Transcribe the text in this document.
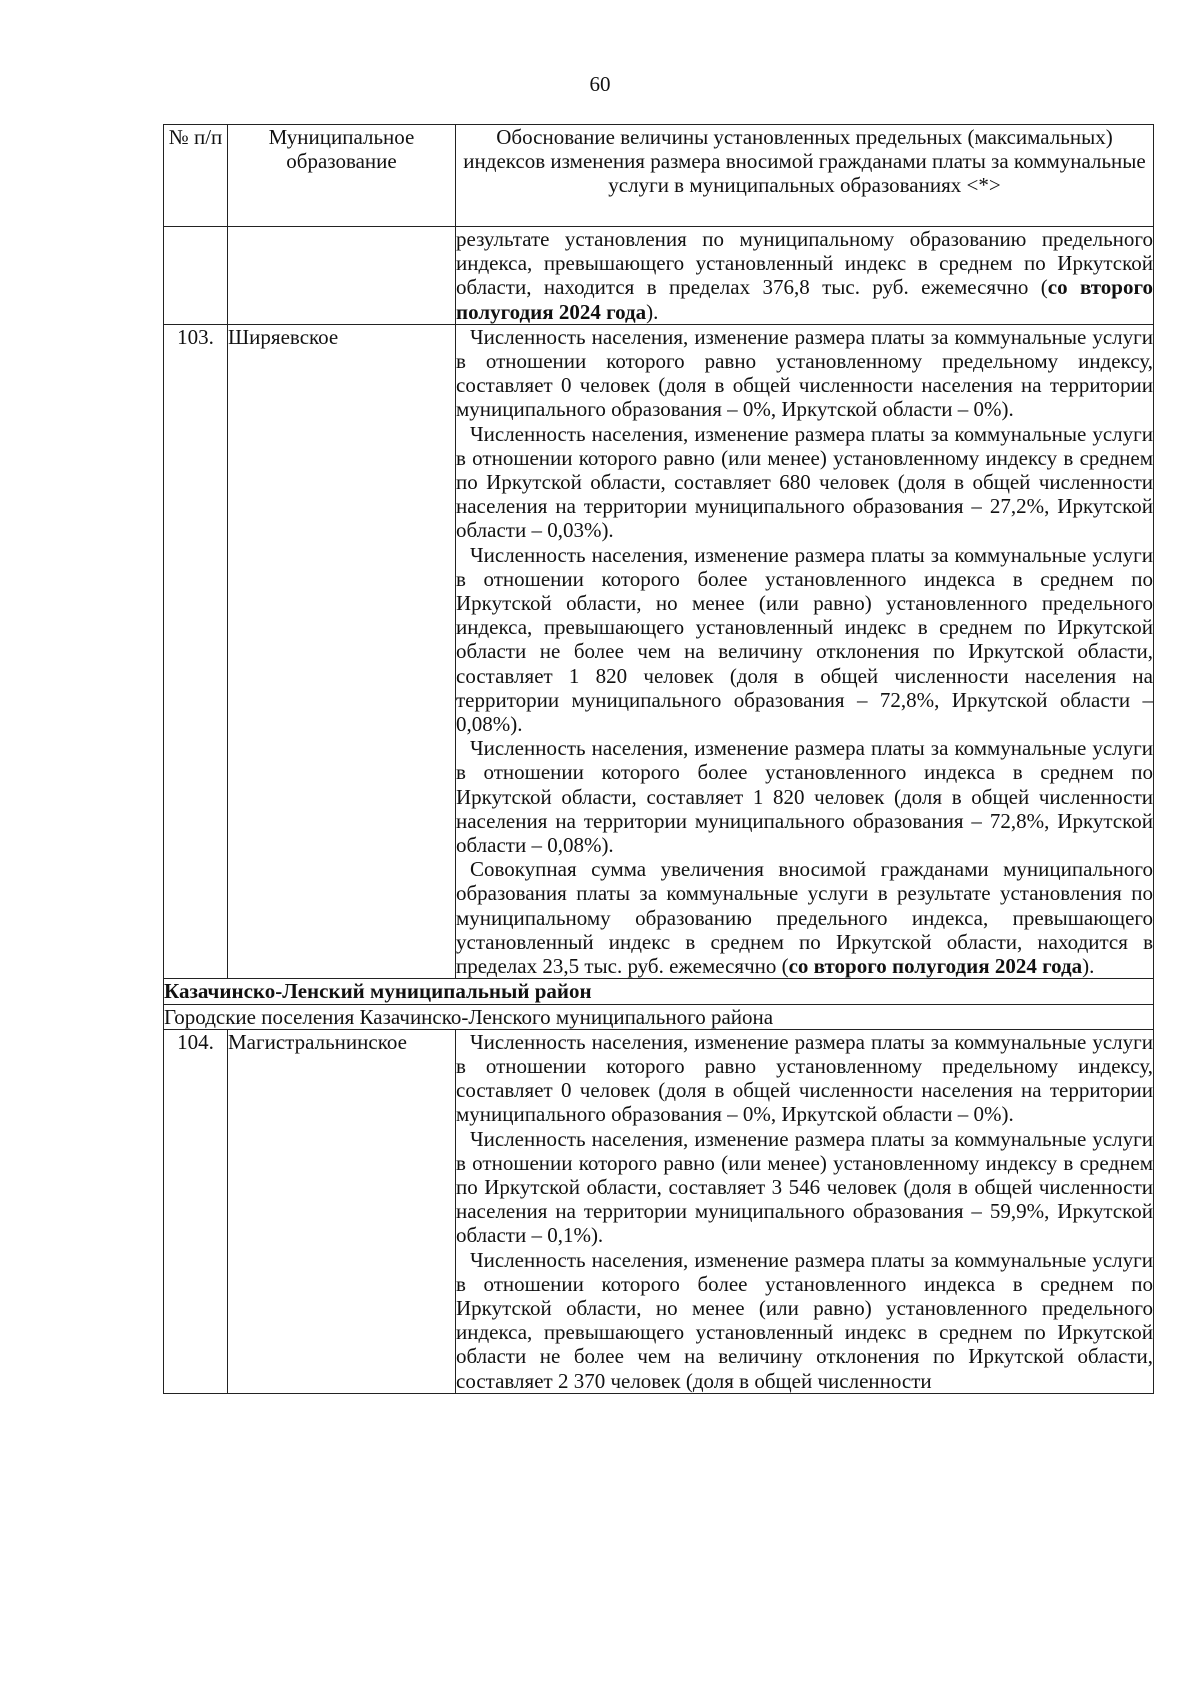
60
№ п/п	Муниципальное образование	Обоснование величины установленных предельных (максимальных) индексов изменения размера вносимой гражданами платы за коммунальные услуги в муниципальных образованиях <*>

		результате установления по муниципальному образованию предельного индекса, превышающего установленный индекс в среднем по Иркутской области, находится в пределах 376,8 тыс. руб. ежемесячно (со второго полугодия 2024 года).

103.	Ширяевское	Численность населения, изменение размера платы за коммунальные услуги в отношении которого равно установленному предельному индексу, составляет 0 человек (доля в общей численности населения на территории муниципального образования – 0%, Иркутской области – 0%).

Численность населения, изменение размера платы за коммунальные услуги в отношении которого равно (или менее) установленному индексу в среднем по Иркутской области, составляет 680 человек (доля в общей численности населения на территории муниципального образования – 27,2%, Иркутской области – 0,03%).

Численность населения, изменение размера платы за коммунальные услуги в отношении которого более установленного индекса в среднем по Иркутской области, но менее (или равно) установленного предельного индекса, превышающего установленный индекс в среднем по Иркутской области не более чем на величину отклонения по Иркутской области, составляет 1 820 человек (доля в общей численности населения на территории муниципального образования – 72,8%, Иркутской области – 0,08%).

Численность населения, изменение размера платы за коммунальные услуги в отношении которого более установленного индекса в среднем по Иркутской области, составляет 1 820 человек (доля в общей численности населения на территории муниципального образования – 72,8%, Иркутской области – 0,08%).

Совокупная сумма увеличения вносимой гражданами муниципального образования платы за коммунальные услуги в результате установления по муниципальному образованию предельного индекса, превышающего установленный индекс в среднем по Иркутской области, находится в пределах 23,5 тыс. руб. ежемесячно (со второго полугодия 2024 года).

Казачинско-Ленский муниципальный район		
Городские поселения Казачинско-Ленского муниципального района		
104.	Магистральнинское	Численность населения, изменение размера платы за коммунальные услуги в отношении которого равно установленному предельному индексу, составляет 0 человек (доля в общей численности населения на территории муниципального образования – 0%, Иркутской области – 0%).

Численность населения, изменение размера платы за коммунальные услуги в отношении которого равно (или менее) установленному индексу в среднем по Иркутской области, составляет 3 546 человек (доля в общей численности населения на территории муниципального образования – 59,9%, Иркутской области – 0,1%).

Численность населения, изменение размера платы за коммунальные услуги в отношении которого более установленного индекса в среднем по Иркутской области, но менее (или равно) установленного предельного индекса, превышающего установленный индекс в среднем по Иркутской области не более чем на величину отклонения по Иркутской области, составляет 2 370 человек (доля в общей численности
